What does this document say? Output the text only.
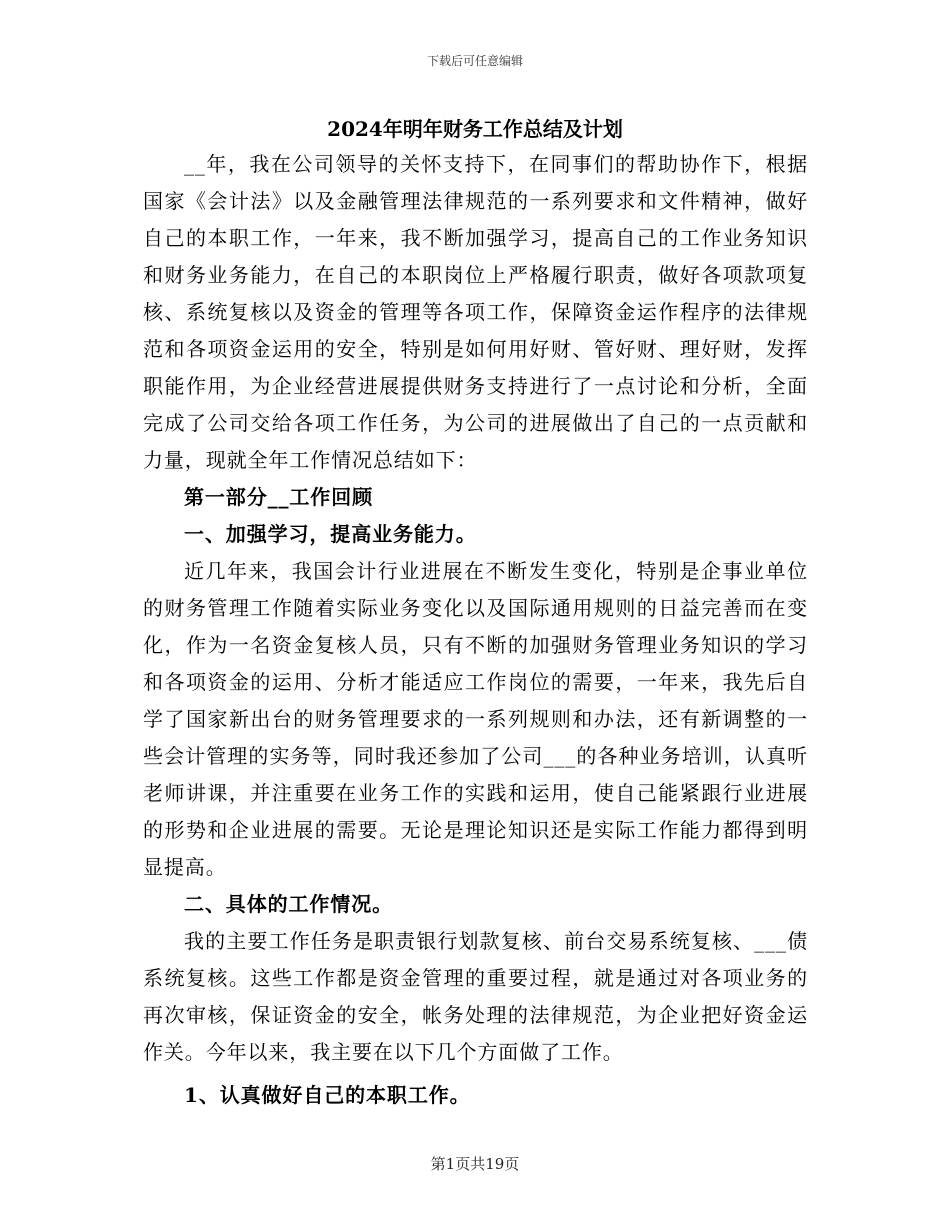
下载后可任意编辑
2024年明年财务工作总结及计划

__年，我在公司领导的关怀支持下，在同事们的帮助协作下，根据国家《会计法》以及金融管理法律规范的一系列要求和文件精神，做好自己的本职工作，一年来，我不断加强学习，提高自己的工作业务知识和财务业务能力，在自己的本职岗位上严格履行职责，做好各项款项复核、系统复核以及资金的管理等各项工作，保障资金运作程序的法律规范和各项资金运用的安全，特别是如何用好财、管好财、理好财，发挥职能作用，为企业经营进展提供财务支持进行了一点讨论和分析，全面完成了公司交给各项工作任务，为公司的进展做出了自己的一点贡献和力量，现就全年工作情况总结如下：

第一部分__工作回顾

一、加强学习，提高业务能力。

近几年来，我国会计行业进展在不断发生变化，特别是企事业单位的财务管理工作随着实际业务变化以及国际通用规则的日益完善而在变化，作为一名资金复核人员，只有不断的加强财务管理业务知识的学习和各项资金的运用、分析才能适应工作岗位的需要，一年来，我先后自学了国家新出台的财务管理要求的一系列规则和办法，还有新调整的一些会计管理的实务等，同时我还参加了公司___的各种业务培训，认真听老师讲课，并注重要在业务工作的实践和运用，使自己能紧跟行业进展的形势和企业进展的需要。无论是理论知识还是实际工作能力都得到明显提高。

二、具体的工作情况。

我的主要工作任务是职责银行划款复核、前台交易系统复核、___债系统复核。这些工作都是资金管理的重要过程，就是通过对各项业务的再次审核，保证资金的安全，帐务处理的法律规范，为企业把好资金运作关。今年以来，我主要在以下几个方面做了工作。

1、认真做好自己的本职工作。

第1页共19页
